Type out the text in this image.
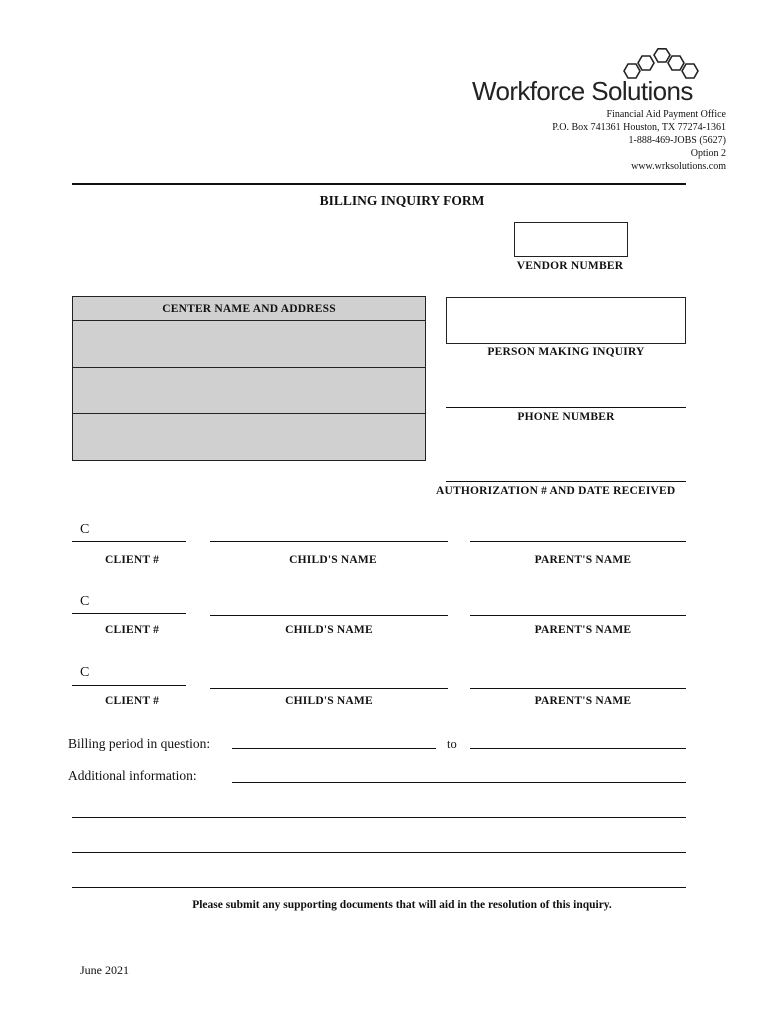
Workforce Solutions
Financial Aid Payment Office
P.O. Box 741361 Houston, TX 77274-1361
1-888-469-JOBS (5627)
Option 2
www.wrksolutions.com
BILLING INQUIRY FORM
VENDOR NUMBER
CENTER NAME AND ADDRESS
PERSON MAKING INQUIRY
PHONE NUMBER
AUTHORIZATION # AND DATE RECEIVED
C
CLIENT #	CHILD'S NAME	PARENT'S NAME
C
CLIENT #	CHILD'S NAME	PARENT'S NAME
C
CLIENT #	CHILD'S NAME	PARENT'S NAME
Billing period in question:	to
Additional information:
Please submit any supporting documents that will aid in the resolution of this inquiry.
June 2021
